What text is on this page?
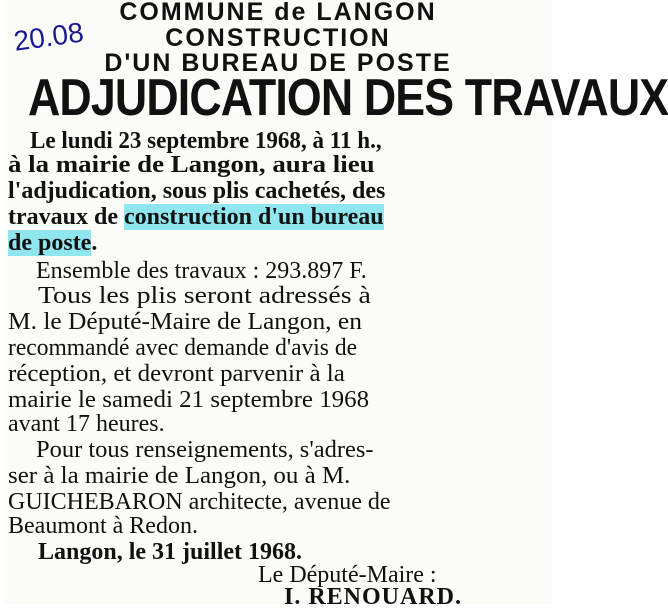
20.08
COMMUNE de LANGON
CONSTRUCTION
D'UN BUREAU DE POSTE
ADJUDICATION DES TRAVAUX
Le lundi 23 septembre 1968, à 11 h.,
à la mairie de Langon, aura lieu
l'adjudication, sous plis cachetés, des
travaux de construction d'un bureau
de poste.
Ensemble des travaux : 293.897 F.
Tous les plis seront adressés à
M. le Député-Maire de Langon, en
recommandé avec demande d'avis de
réception, et devront parvenir à la
mairie le samedi 21 septembre 1968
avant 17 heures.
Pour tous renseignements, s'adres-
ser à la mairie de Langon, ou à M.
GUICHEBARON architecte, avenue de
Beaumont à Redon.
Langon, le 31 juillet 1968.
Le Député-Maire :
I. RENOUARD.
